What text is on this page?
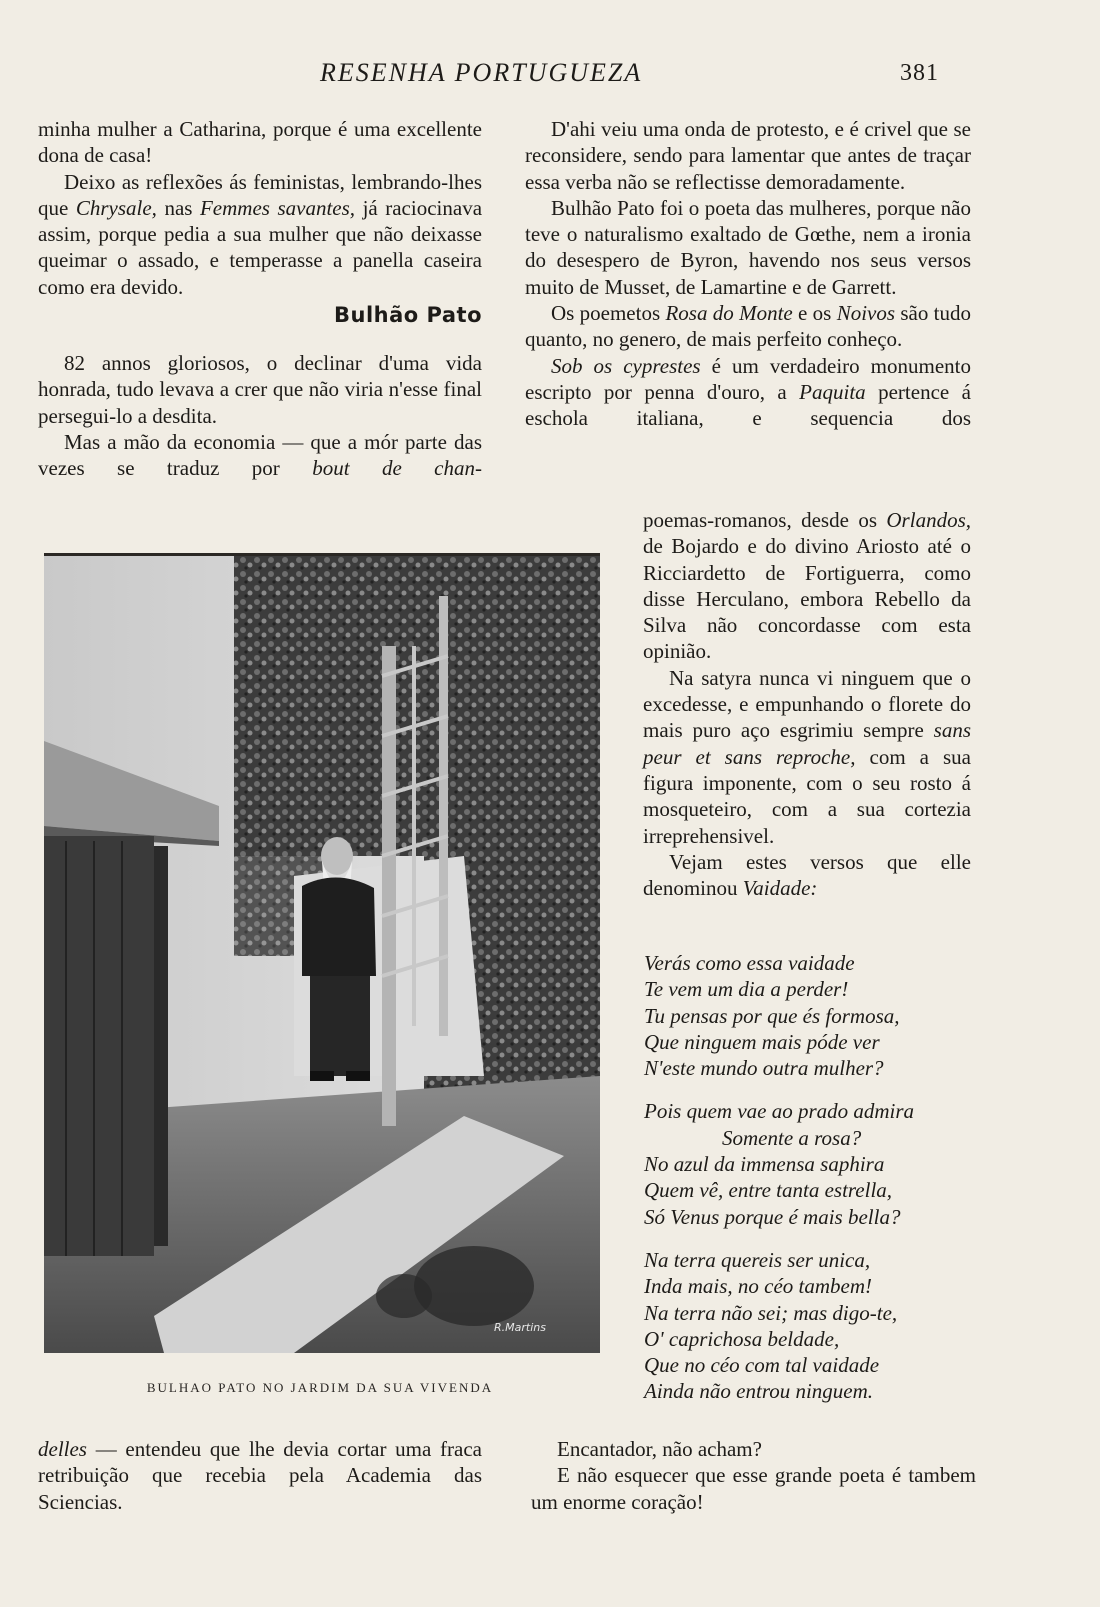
RESENHA PORTUGUEZA	381

minha mulher a Catharina, porque é uma excellente dona de casa!

Deixo as reflexões ás feministas, lembrando-lhes que Chrysale, nas Femmes savantes, já raciocinava assim, porque pedia a sua mulher que não deixasse queimar o assado, e temperasse a panella caseira como era devido.

Bulhão Pato

82 annos gloriosos, o declinar d'uma vida honrada, tudo levava a crer que não viria n'esse final persegui-lo a desdita.

Mas a mão da economia — que a mór parte das vezes se traduz por bout de chan-

D'ahi veiu uma onda de protesto, e é crivel que se reconsidere, sendo para lamentar que antes de traçar essa verba não se reflectisse demoradamente.

Bulhão Pato foi o poeta das mulheres, porque não teve o naturalismo exaltado de Gœthe, nem a ironia do desespero de Byron, havendo nos seus versos muito de Musset, de Lamartine e de Garrett.

Os poemetos Rosa do Monte e os Noivos são tudo quanto, no genero, de mais perfeito conheço.

Sob os cyprestes é um verdadeiro monumento escripto por penna d'ouro, a Paquita pertence á eschola italiana, e sequencia dos

poemas-romanos, desde os Orlandos, de Bojardo e do divino Ariosto até o Ricciardetto de Fortiguerra, como disse Herculano, embora Rebello da Silva não concordasse com esta opinião.

Na satyra nunca vi ninguem que o excedesse, e empunhando o florete do mais puro aço esgrimiu sempre sans peur et sans reproche, com a sua figura imponente, com o seu rosto á mosqueteiro, com a sua cortezia irreprehensivel.

Vejam estes versos que elle denominou Vaidade:

Verás como essa vaidade
Te vem um dia a perder!
Tu pensas por que és formosa,
Que ninguem mais póde ver
N'este mundo outra mulher?
Pois quem vae ao prado admira
Somente a rosa?
No azul da immensa saphira
Quem vê, entre tanta estrella,
Só Venus porque é mais bella?
Na terra quereis ser unica,
Inda mais, no céo tambem!
Na terra não sei; mas digo-te,
O' caprichosa beldade,
Que no céo com tal vaidade
Ainda não entrou ninguem.
R.Martins
BULHAO PATO NO JARDIM DA SUA VIVENDA

delles — entendeu que lhe devia cortar uma fraca retribuição que recebia pela Academia das Sciencias.

Encantador, não acham?

E não esquecer que esse grande poeta é tambem um enorme coração!
